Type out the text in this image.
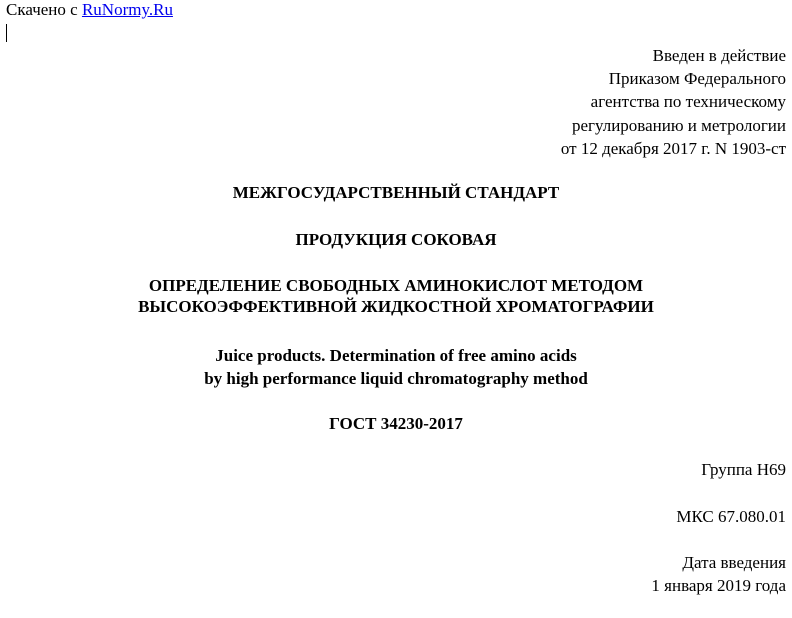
Скачено с RuNormy.Ru
Введен в действие
Приказом Федерального
агентства по техническому
регулированию и метрологии
от 12 декабря 2017 г. N 1903-ст
МЕЖГОСУДАРСТВЕННЫЙ СТАНДАРТ
ПРОДУКЦИЯ СОКОВАЯ
ОПРЕДЕЛЕНИЕ СВОБОДНЫХ АМИНОКИСЛОТ МЕТОДОМ
ВЫСОКОЭФФЕКТИВНОЙ ЖИДКОСТНОЙ ХРОМАТОГРАФИИ
Juice products. Determination of free amino acids
by high performance liquid chromatography method
ГОСТ 34230-2017
Группа Н69
МКС 67.080.01
Дата введения
1 января 2019 года
